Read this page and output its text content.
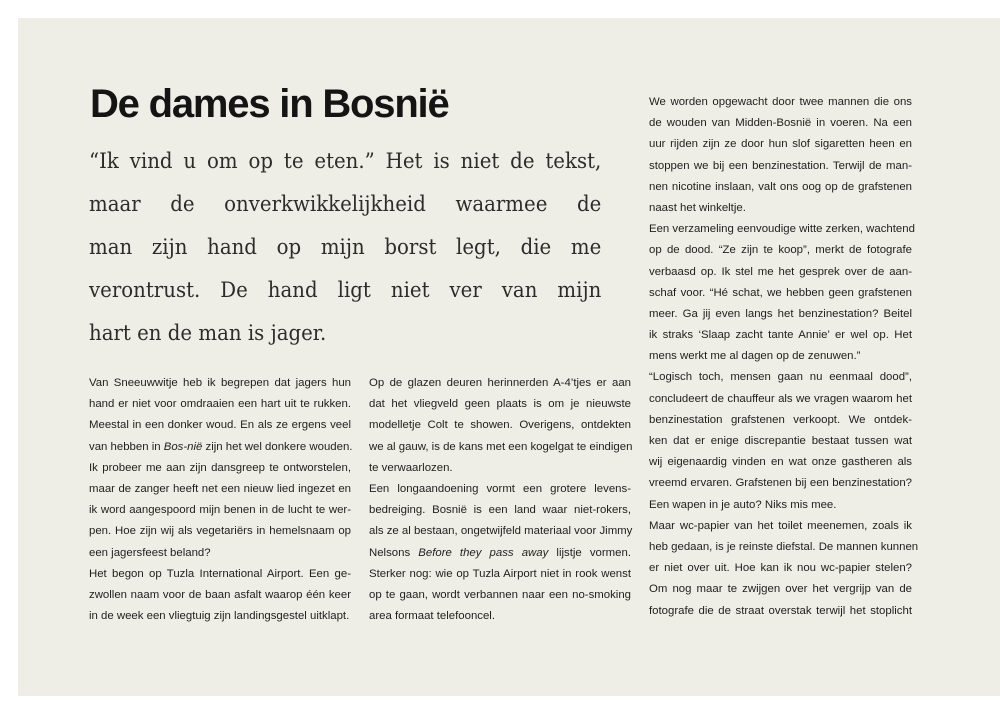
De dames in Bosnië
“Ik vind u om op te eten.” Het is niet de tekst,
maar de onverkwikkelijkheid waarmee de
man zijn hand op mijn borst legt, die me
verontrust. De hand ligt niet ver van mijn
hart en de man is jager.
Van Sneeuwwitje heb ik begrepen dat jagers hun
hand er niet voor omdraaien een hart uit te rukken.
Meestal in een donker woud. En als ze ergens veel
van hebben in Bos-nië zijn het wel donkere wouden.
Ik probeer me aan zijn dansgreep te ontworstelen,
maar de zanger heeft net een nieuw lied ingezet en
ik word aangespoord mijn benen in de lucht te wer-
pen. Hoe zijn wij als vegetariërs in hemelsnaam op
een jagersfeest beland?
Het begon op Tuzla International Airport. Een ge-
zwollen naam voor de baan asfalt waarop één keer
in de week een vliegtuig zijn landingsgestel uitklapt.
Op de glazen deuren herinnerden A-4’tjes er aan
dat het vliegveld geen plaats is om je nieuwste
modelletje Colt te showen. Overigens, ontdekten
we al gauw, is de kans met een kogelgat te eindigen
te verwaarlozen.
Een longaandoening vormt een grotere levens-
bedreiging. Bosnië is een land waar niet-rokers,
als ze al bestaan, ongetwijfeld materiaal voor Jimmy
Nelsons Before they pass away lijstje vormen.
Sterker nog: wie op Tuzla Airport niet in rook wenst
op te gaan, wordt verbannen naar een no-smoking
area formaat telefooncel.
We worden opgewacht door twee mannen die ons
de wouden van Midden-Bosnië in voeren. Na een
uur rijden zijn ze door hun slof sigaretten heen en
stoppen we bij een benzinestation. Terwijl de man-
nen nicotine inslaan, valt ons oog op de grafstenen
naast het winkeltje.
Een verzameling eenvoudige witte zerken, wachtend
op de dood. “Ze zijn te koop”, merkt de fotografe
verbaasd op. Ik stel me het gesprek over de aan-
schaf voor. “Hé schat, we hebben geen grafstenen
meer. Ga jij even langs het benzinestation? Beitel
ik straks ‘Slaap zacht tante Annie’ er wel op. Het
mens werkt me al dagen op de zenuwen.”
“Logisch toch, mensen gaan nu eenmaal dood”,
concludeert de chauffeur als we vragen waarom het
benzinestation grafstenen verkoopt. We ontdek-
ken dat er enige discrepantie bestaat tussen wat
wij eigenaardig vinden en wat onze gastheren als
vreemd ervaren. Grafstenen bij een benzinestation?
Een wapen in je auto? Niks mis mee.
Maar wc-papier van het toilet meenemen, zoals ik
heb gedaan, is je reinste diefstal. De mannen kunnen
er niet over uit. Hoe kan ik nou wc-papier stelen?
Om nog maar te zwijgen over het vergrijp van de
fotografe die de straat overstak terwijl het stoplicht
